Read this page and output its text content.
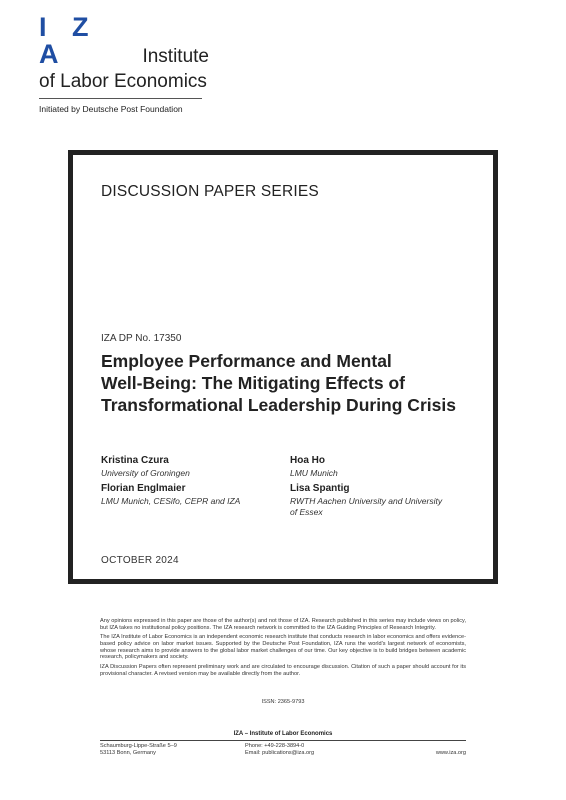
I Z A	Institute
of Labor Economics
Initiated by Deutsche Post Foundation
DISCUSSION PAPER SERIES
IZA DP No. 17350
Employee Performance and Mental
Well-Being: The Mitigating Effects of
Transformational Leadership During Crisis
Kristina Czura
University of Groningen
Florian Englmaier
LMU Munich, CESifo, CEPR and IZA
Hoa Ho
LMU Munich
Lisa Spantig
RWTH Aachen University and University
of Essex
OCTOBER 2024

Any opinions expressed in this paper are those of the author(s) and not those of IZA. Research published in this series may include views on policy, but IZA takes no institutional policy positions. The IZA research network is committed to the IZA Guiding Principles of Research Integrity.

The IZA Institute of Labor Economics is an independent economic research institute that conducts research in labor economics and offers evidence-based policy advice on labor market issues. Supported by the Deutsche Post Foundation, IZA runs the world’s largest network of economists, whose research aims to provide answers to the global labor market challenges of our time. Our key objective is to build bridges between academic research, policymakers and society.

IZA Discussion Papers often represent preliminary work and are circulated to encourage discussion. Citation of such a paper should account for its provisional character. A revised version may be available directly from the author.

ISSN: 2365-9793
IZA – Institute of Labor Economics
Schaumburg-Lippe-Straße 5–9
53113 Bonn, Germany
Phone: +49-228-3894-0
Email: publications@iza.org	www.iza.org
